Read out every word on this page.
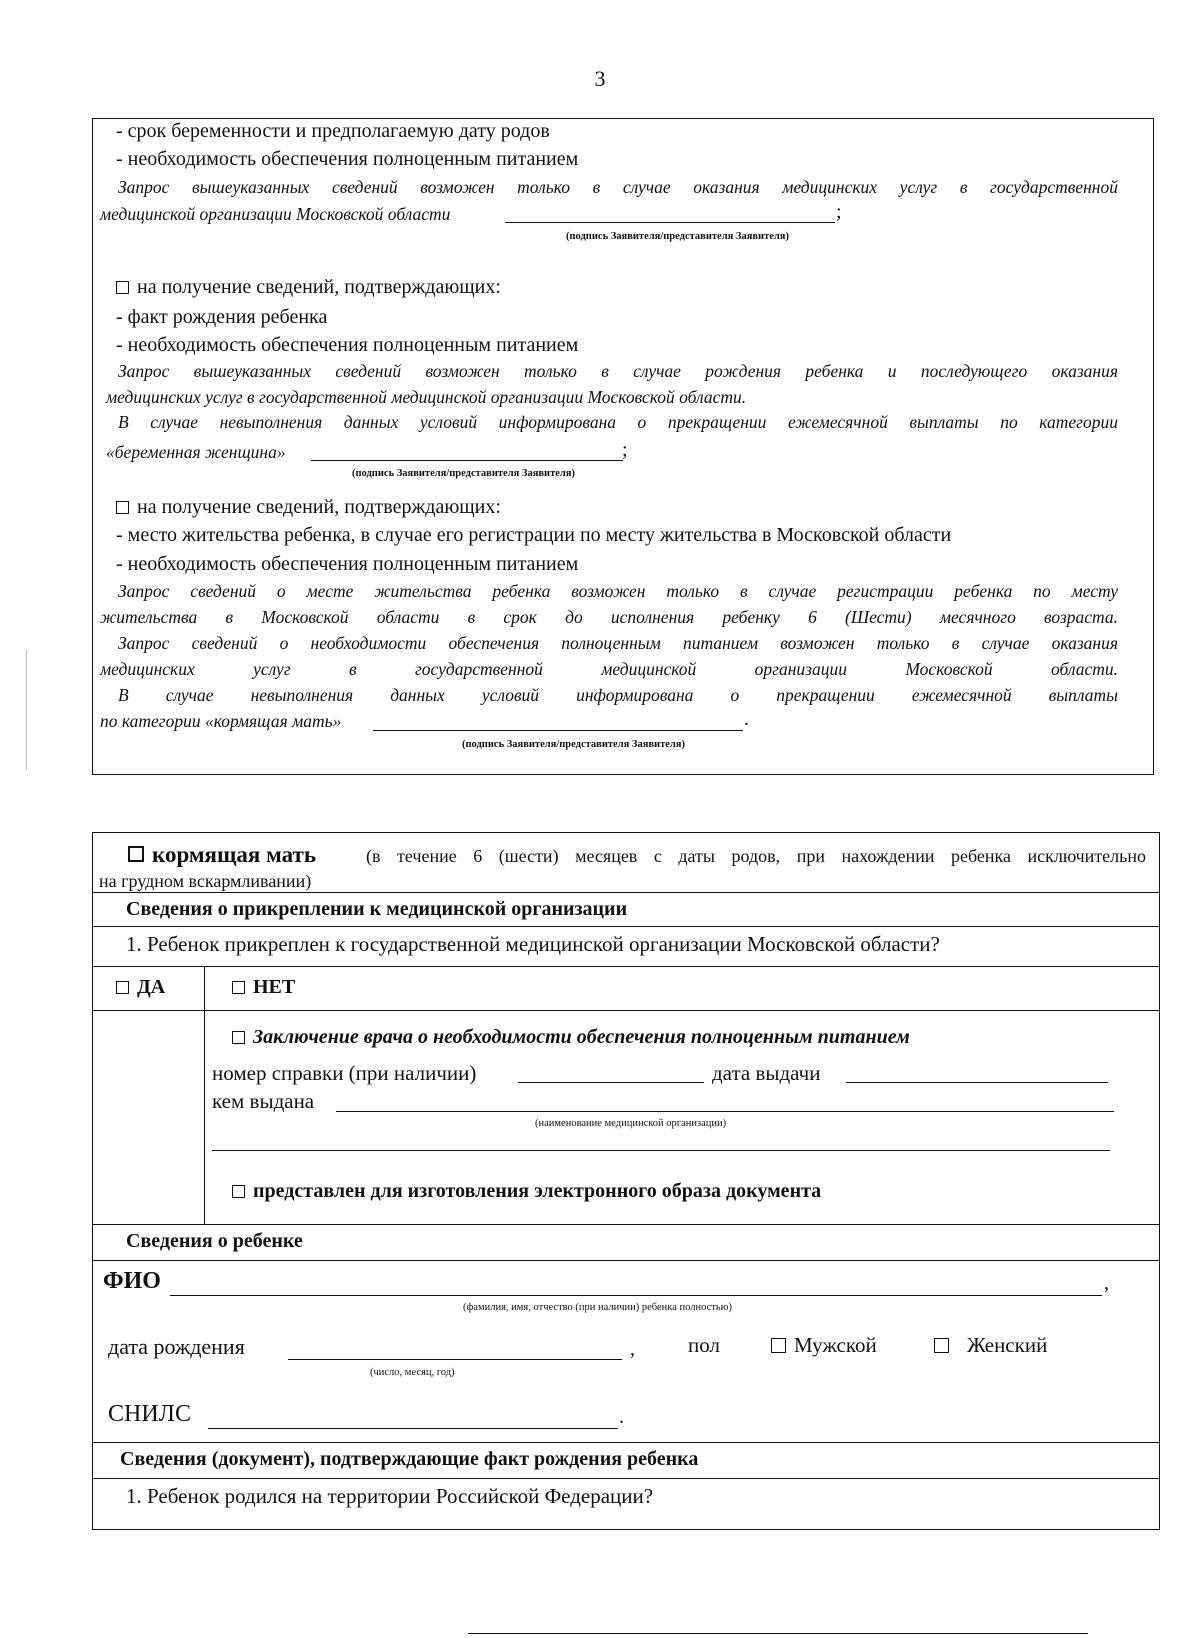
3
- срок беременности и предполагаемую дату родов
- необходимость обеспечения полноценным питанием
Запрос вышеуказанных сведений возможен только в случае оказания медицинских услуг в государственной
медицинской организации Московской области	;
(подпись Заявителя/представителя Заявителя)
на получение сведений, подтверждающих:
- факт рождения ребенка
- необходимость обеспечения полноценным питанием
Запрос вышеуказанных сведений возможен только в случае рождения ребенка и последующего оказания
медицинских услуг в государственной медицинской организации Московской области.
В случае невыполнения данных условий информирована о прекращении ежемесячной выплаты по категории
«беременная женщина»	;
(подпись Заявителя/представителя Заявителя)
на получение сведений, подтверждающих:
- место жительства ребенка, в случае его регистрации по месту жительства в Московской области
- необходимость обеспечения полноценным питанием
Запрос сведений о месте жительства ребенка возможен только в случае регистрации ребенка по месту
жительства в Московской области в срок до исполнения ребенку 6 (Шести) месячного возраста.
Запрос сведений о необходимости обеспечения полноценным питанием возможен только в случае оказания
медицинских услуг в государственной медицинской организации Московской области.
В случае невыполнения данных условий информирована о прекращении ежемесячной выплаты
по категории «кормящая мать»	.
(подпись Заявителя/представителя Заявителя)
кормящая мать	(в течение 6 (шести) месяцев с даты родов, при нахождении ребенка исключительно
на грудном вскармливании)
Сведения о прикреплении к медицинской организации
1. Ребенок прикреплен к государственной медицинской организации Московской области?
ДА	НЕТ
Заключение врача о необходимости обеспечения полноценным питанием
номер справки (при наличии)	дата выдачи
кем выдана
(наименование медицинской организации)
представлен для изготовления электронного образа документа
Сведения о ребенке
ФИО	,
(фамилия, имя, отчество (при наличии) ребенка полностью)
дата рождения	,
(число, месяц, год)
пол	Мужской	Женский
СНИЛС	.
Сведения (документ), подтверждающие факт рождения ребенка
1. Ребенок родился на территории Российской Федерации?
